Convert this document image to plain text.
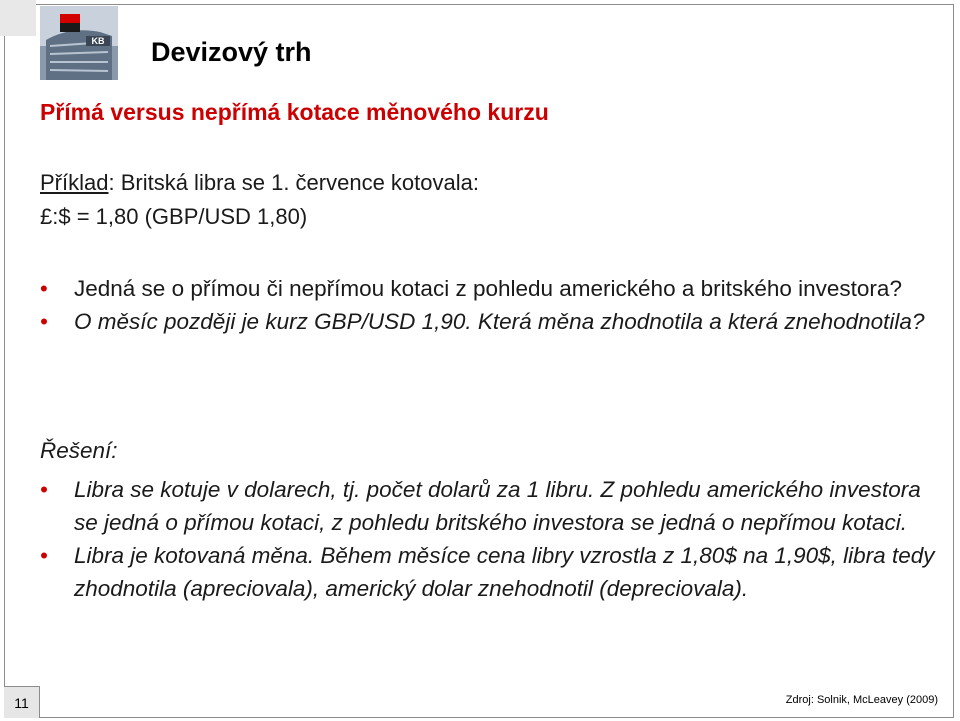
KB Devizový trh
Přímá versus nepřímá kotace měnového kurzu

Příklad: Britská libra se 1. července kotovala:

£:$ = 1,80 (GBP/USD 1,80)

• Jedná se o přímou či nepřímou kotaci z pohledu amerického a britského investora?
• O měsíc později je kurz GBP/USD 1,90. Která měna zhodnotila a která znehodnotila?

Řešení:

• Libra se kotuje v dolarech, tj. počet dolarů za 1 libru. Z pohledu amerického investora se jedná o přímou kotaci, z pohledu britského investora se jedná o nepřímou kotaci.
• Libra je kotovaná měna. Během měsíce cena libry vzrostla z 1,80$ na 1,90$, libra tedy zhodnotila (apreciovala), americký dolar znehodnotil (depreciovala).
11	Zdroj: Solnik, McLeavey (2009)
